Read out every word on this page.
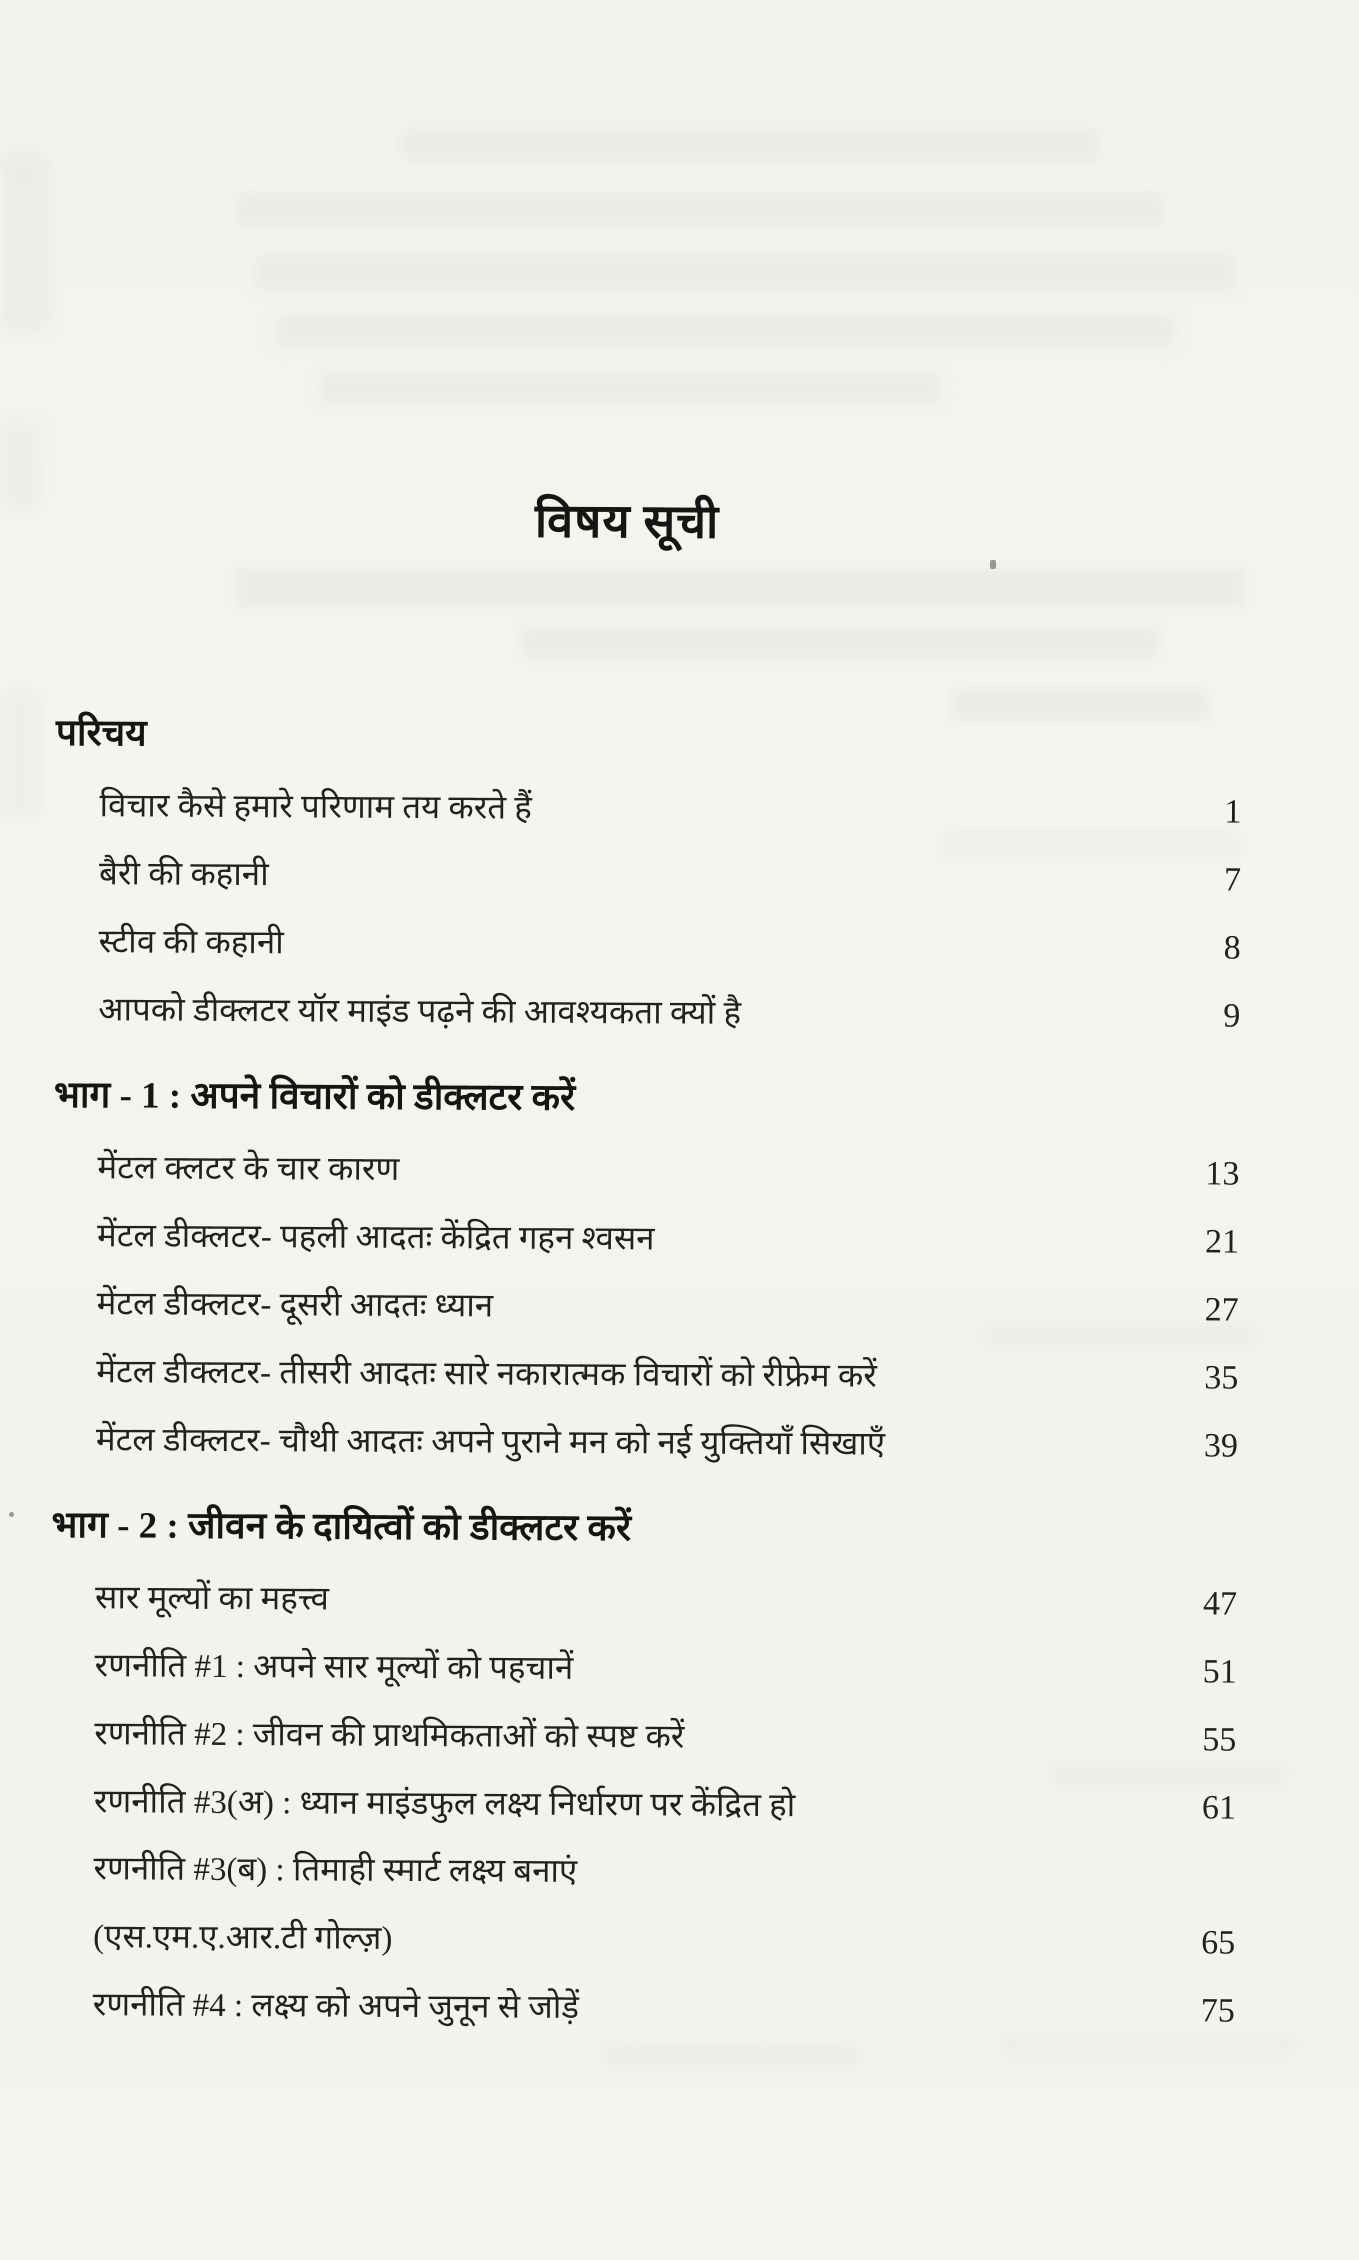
विषय सूची
परिचय
विचार कैसे हमारे परिणाम तय करते हैं	1
बैरी की कहानी	7
स्टीव की कहानी	8
आपको डीक्लटर यॉर माइंड पढ़ने की आवश्यकता क्यों है	9
भाग - 1 : अपने विचारों को डीक्लटर करें
मेंटल क्लटर के चार कारण	13
मेंटल डीक्लटर- पहली आदतः केंद्रित गहन श्वसन	21
मेंटल डीक्लटर- दूसरी आदतः ध्यान	27
मेंटल डीक्लटर- तीसरी आदतः सारे नकारात्मक विचारों को रीफ्रेम करें	35
मेंटल डीक्लटर- चौथी आदतः अपने पुराने मन को नई युक्तियाँ सिखाएँ	39
भाग - 2 : जीवन के दायित्वों को डीक्लटर करें
सार मूल्यों का महत्त्व	47
रणनीति #1 : अपने सार मूल्यों को पहचानें	51
रणनीति #2 : जीवन की प्राथमिकताओं को स्पष्ट करें	55
रणनीति #3(अ) : ध्यान माइंडफुल लक्ष्य निर्धारण पर केंद्रित हो	61
रणनीति #3(ब) : तिमाही स्मार्ट लक्ष्य बनाएं
(एस.एम.ए.आर.टी गोल्ज़)	65
रणनीति #4 : लक्ष्य को अपने जुनून से जोड़ें	75
